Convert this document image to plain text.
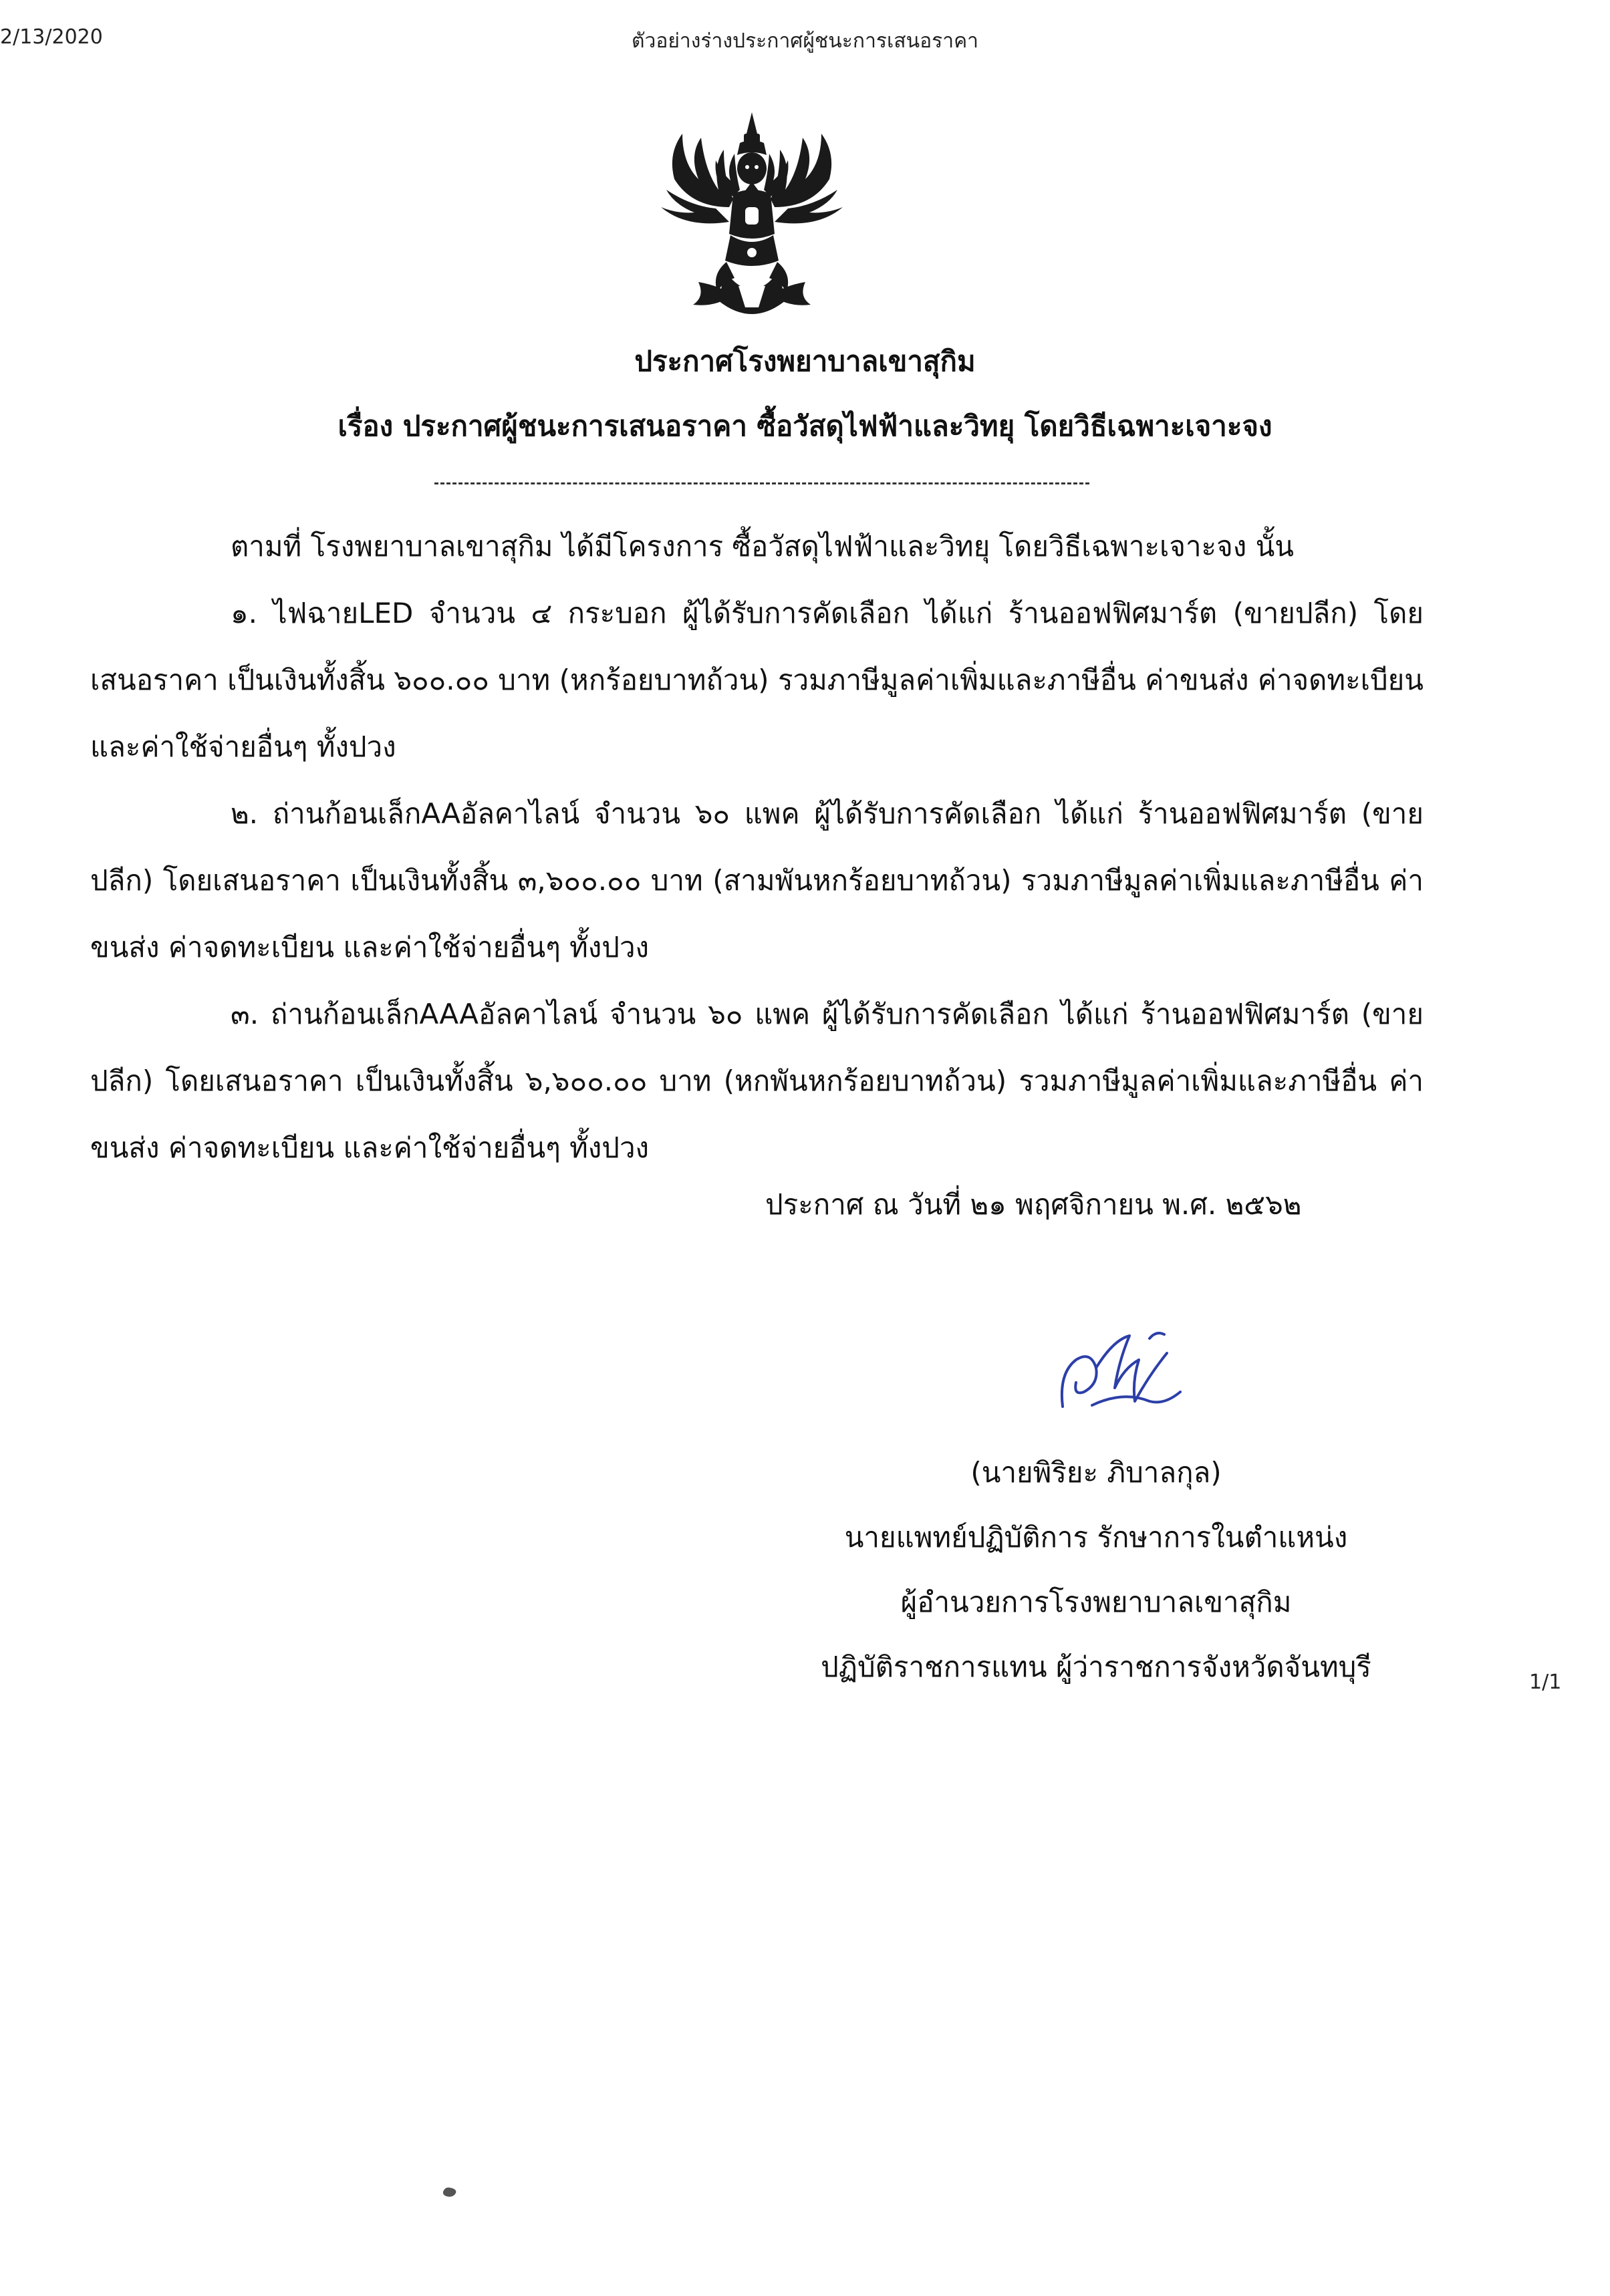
2/13/2020	ตัวอย่างร่างประกาศผู้ชนะการเสนอราคา
ประกาศโรงพยาบาลเขาสุกิม
เรื่อง ประกาศผู้ชนะการเสนอราคา ซื้อวัสดุไฟฟ้าและวิทยุ โดยวิธีเฉพาะเจาะจง

ตามที่ โรงพยาบาลเขาสุกิม ได้มีโครงการ ซื้อวัสดุไฟฟ้าและวิทยุ โดยวิธีเฉพาะเจาะจง นั้น

๑. ไฟฉายLED จำนวน ๔ กระบอก ผู้ได้รับการคัดเลือก ได้แก่ ร้านออฟฟิศมาร์ต (ขายปลีก) โดยเสนอราคา เป็นเงินทั้งสิ้น ๖๐๐.๐๐ บาท (หกร้อยบาทถ้วน) รวมภาษีมูลค่าเพิ่มและภาษีอื่น ค่าขนส่ง ค่าจดทะเบียน และค่าใช้จ่ายอื่นๆ ทั้งปวง

๒. ถ่านก้อนเล็กAAอัลคาไลน์ จำนวน ๖๐ แพค ผู้ได้รับการคัดเลือก ได้แก่ ร้านออฟฟิศมาร์ต (ขายปลีก) โดยเสนอราคา เป็นเงินทั้งสิ้น ๓,๖๐๐.๐๐ บาท (สามพันหกร้อยบาทถ้วน) รวมภาษีมูลค่าเพิ่มและภาษีอื่น ค่าขนส่ง ค่าจดทะเบียน และค่าใช้จ่ายอื่นๆ ทั้งปวง

๓. ถ่านก้อนเล็กAAAอัลคาไลน์ จำนวน ๖๐ แพค ผู้ได้รับการคัดเลือก ได้แก่ ร้านออฟฟิศมาร์ต (ขายปลีก) โดยเสนอราคา เป็นเงินทั้งสิ้น ๖,๖๐๐.๐๐ บาท (หกพันหกร้อยบาทถ้วน) รวมภาษีมูลค่าเพิ่มและภาษีอื่น ค่าขนส่ง ค่าจดทะเบียน และค่าใช้จ่ายอื่นๆ ทั้งปวง

ประกาศ ณ วันที่ ๒๑ พฤศจิกายน พ.ศ. ๒๕๖๒
(นายพิริยะ ภิบาลกุล)
นายแพทย์ปฏิบัติการ รักษาการในตำแหน่ง
ผู้อำนวยการโรงพยาบาลเขาสุกิม
ปฏิบัติราชการแทน ผู้ว่าราชการจังหวัดจันทบุรี	1/1
